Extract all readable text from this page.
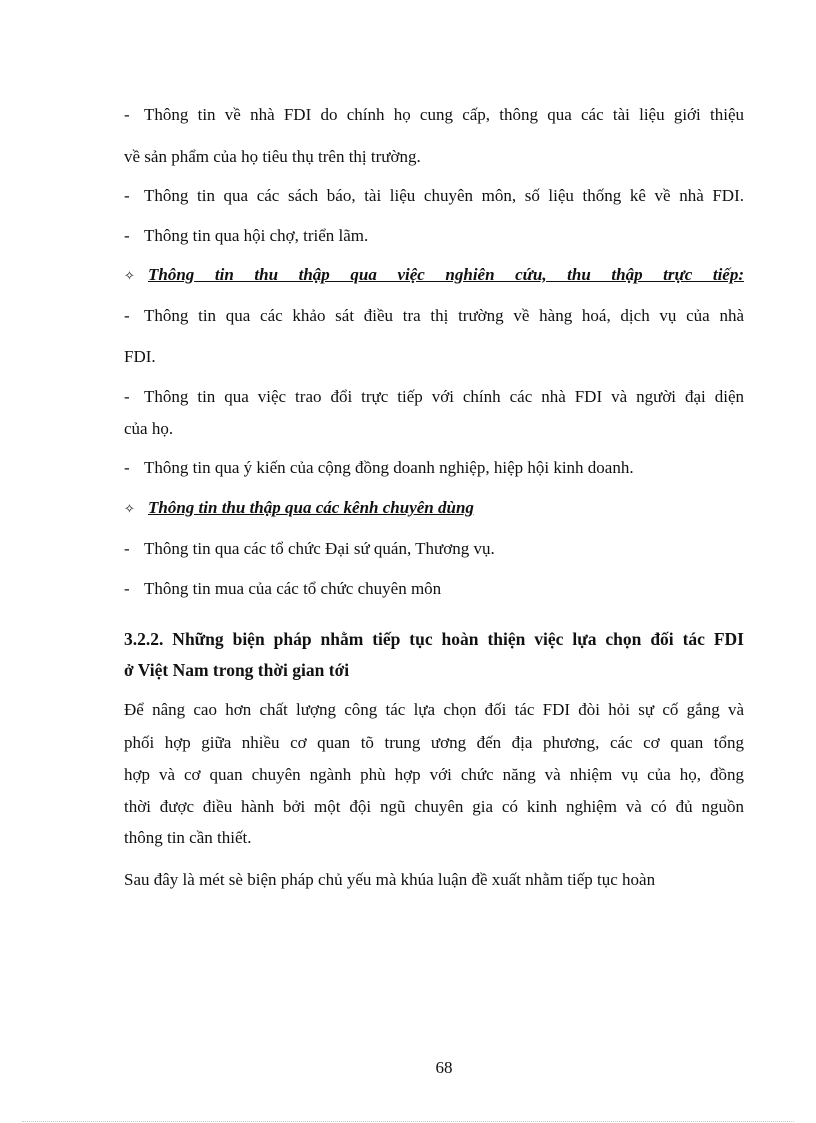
- Thông tin về nhà FDI do chính họ cung cấp, thông qua các tài liệu giới thiệu
về sản phẩm của họ tiêu thụ trên thị trường.
- Thông tin qua các sách báo, tài liệu chuyên môn, số liệu thống kê về nhà FDI.
- Thông tin qua hội chợ, triển lãm.
✧ Thông tin thu thập qua việc nghiên cứu, thu thập trực tiếp:
- Thông tin qua các khảo sát điều tra thị trường về hàng hoá, dịch vụ của nhà
FDI.
- Thông tin qua việc trao đổi trực tiếp với chính các nhà FDI và người đại diện
của họ.
- Thông tin qua ý kiến của cộng đồng doanh nghiệp, hiệp hội kinh doanh.
✧ Thông tin thu thập qua các kênh chuyên dùng
- Thông tin qua các tổ chức Đại sứ quán, Thương vụ.
- Thông tin mua của các tổ chức chuyên môn
3.2.2. Những biện pháp nhằm tiếp tục hoàn thiện việc lựa chọn đối tác FDI
ở Việt Nam trong thời gian tới
Để nâng cao hơn chất lượng công tác lựa chọn đối tác FDI đòi hỏi sự cố gắng và
phối hợp giữa nhiều cơ quan tõ trung ương đến địa phương, các cơ quan tổng
hợp và cơ quan chuyên ngành phù hợp với chức năng và nhiệm vụ của họ, đồng
thời được điều hành bởi một đội ngũ chuyên gia có kinh nghiệm và có đủ nguồn
thông tin cần thiết.
Sau đây là mét sè biện pháp chủ yếu mà khúa luận đề xuất nhằm tiếp tục hoàn
68
